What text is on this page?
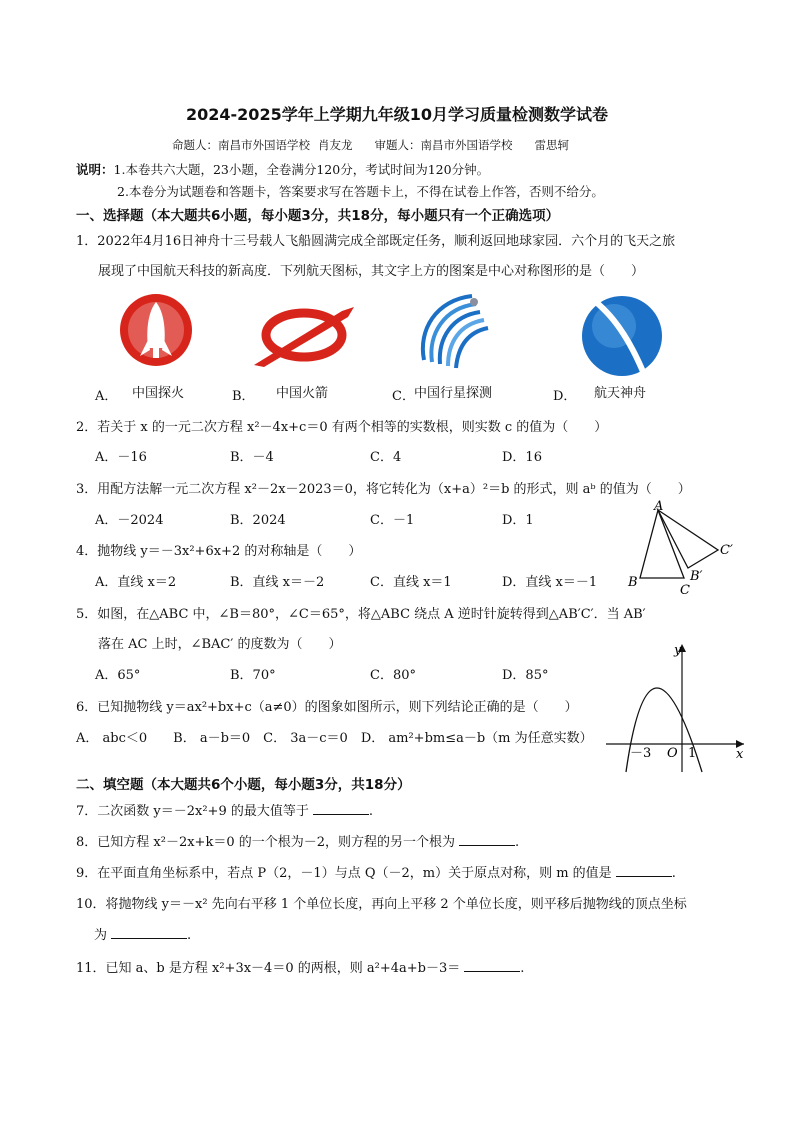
2024-2025学年上学期九年级10月学习质量检测数学试卷
命题人：南昌市外国语学校 肖友龙 审题人：南昌市外国语学校 雷思轲
说明：1.本卷共六大题，23小题，全卷满分120分，考试时间为120分钟。
2.本卷分为试题卷和答题卡，答案要求写在答题卡上，不得在试卷上作答，否则不给分。
一、选择题（本大题共6小题，每小题3分，共18分，每小题只有一个正确选项）
1．2022年4月16日神舟十三号载人飞船圆满完成全部既定任务，顺利返回地球家园．六个月的飞天之旅
展现了中国航天科技的新高度．下列航天图标，其文字上方的图案是中心对称图形的是（　　）
A． 中国探火	B． 中国火箭	C． 中国行星探测	D． 航天神舟
2．若关于 x 的一元二次方程 x²－4x+c＝0 有两个相等的实数根，则实数 c 的值为（　　）
A．－16	B．－4	C．4	D．16
3．用配方法解一元二次方程 x²－2x－2023＝0，将它转化为（x+a）²＝b 的形式，则 aᵇ 的值为（　　）
A．－2024	B．2024	C．－1	D．1
4．抛物线 y＝－3x²+6x+2 的对称轴是（　　）
A．直线 x＝2	B．直线 x＝－2	C．直线 x＝1	D．直线 x＝－1
A
B
C
B′
C′
5．如图，在△ABC 中，∠B＝80°，∠C＝65°，将△ABC 绕点 A 逆时针旋转得到△AB′C′．当 AB′
落在 AC 上时，∠BAC′ 的度数为（　　）
A．65°	B．70°	C．80°	D．85°
y
x
O
－3	1
6．已知抛物线 y＝ax²+bx+c（a≠0）的图象如图所示，则下列结论正确的是（　　）
A． abc＜0　　B． a－b＝0　C． 3a－c＝0　D． am²+bm≤a－b（m 为任意实数）
二、填空题（本大题共6个小题，每小题3分，共18分）
7．二次函数 y＝－2x²+9 的最大值等于	.
8．已知方程 x²－2x+k＝0 的一个根为－2，则方程的另一个根为	.
9．在平面直角坐标系中，若点 P（2，－1）与点 Q（－2，m）关于原点对称，则 m 的值是	.
10．将抛物线 y＝－x² 先向右平移 1 个单位长度，再向上平移 2 个单位长度，则平移后抛物线的顶点坐标
为	.
11．已知 a、b 是方程 x²+3x－4＝0 的两根，则 a²+4a+b－3＝	.
